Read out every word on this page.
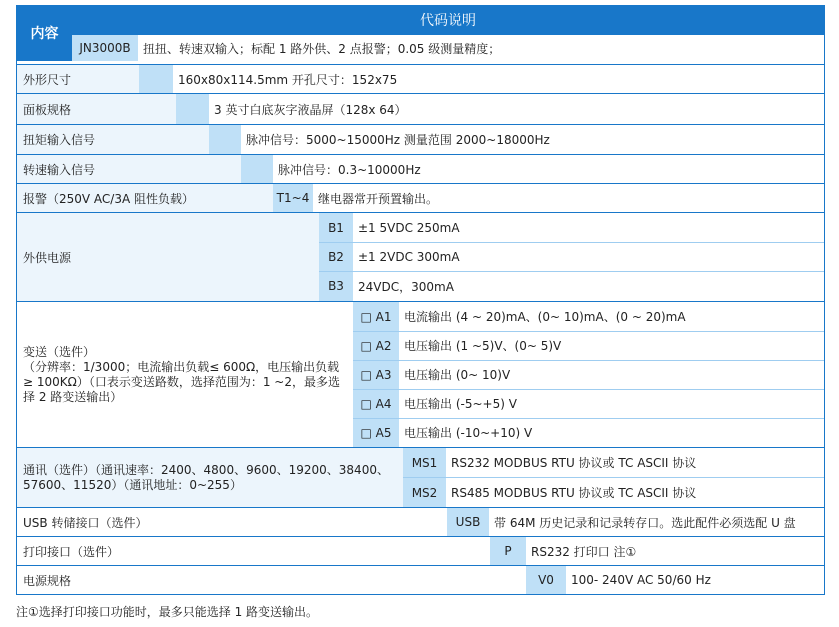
内容
代码说明
JN3000B	扭扭、转速双输入；标配 1 路外供、2 点报警；0.05 级测量精度；
外形尺寸	160x80x114.5mm 开孔尺寸：152x75
面板规格	3 英寸白底灰字液晶屏（128x 64）
扭矩输入信号	脉冲信号：5000~15000Hz 测量范围 2000~18000Hz
转速输入信号	脉冲信号：0.3~10000Hz
报警（250V AC/3A 阻性负载）	T1~4 继电器常开预置输出。
外供电源
B1	±1 5VDC 250mA
B2	±1 2VDC 300mA
B3	24VDC，300mA
变送（选件）
（分辨率：1/3000；电流输出负载≤ 600Ω，电压输出负载≥ 100KΩ）（口表示变送路数，选择范围为：1 ~2，最多选择 2 路变送输出）
□ A1	电流输出 (4 ~ 20)mA、(0~ 10)mA、(0 ~ 20)mA
□ A2	电压输出 (1 ~5)V、(0~ 5)V
□ A3	电压输出 (0~ 10)V
□ A4	电压输出 (-5~+5) V
□ A5	电压输出 (-10~+10) V
通讯（选件）（通讯速率：2400、4800、9600、19200、38400、57600、11520）（通讯地址：0~255）
MS1	RS232 MODBUS RTU 协议或 TC ASCII 协议
MS2	RS485 MODBUS RTU 协议或 TC ASCII 协议
USB 转储接口（选件）	USB	带 64M 历史记录和记录转存口。选此配件必须选配 U 盘
打印接口（选件）	P	RS232 打印口 注①
电源规格	V0	100- 240V AC 50/60 Hz
注①选择打印接口功能时，最多只能选择 1 路变送输出。
